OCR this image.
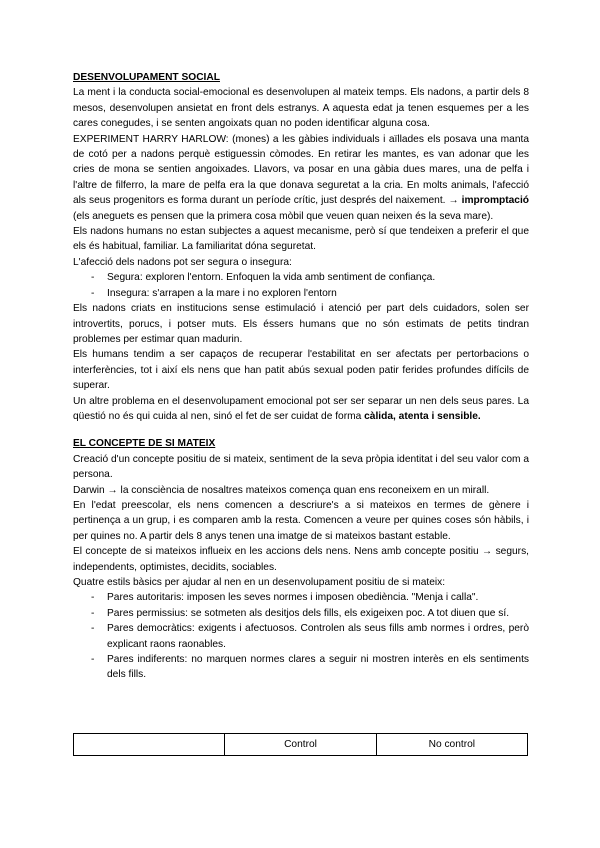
DESENVOLUPAMENT SOCIAL

La ment i la conducta social-emocional es desenvolupen al mateix temps. Els nadons, a partir dels 8 mesos, desenvolupen ansietat en front dels estranys. A aquesta edat ja tenen esquemes per a les cares conegudes, i se senten angoixats quan no poden identificar alguna cosa.

EXPERIMENT HARRY HARLOW: (mones) a les gàbies individuals i aïllades els posava una manta de cotó per a nadons perquè estiguessin còmodes. En retirar les mantes, es van adonar que les cries de mona se sentien angoixades. Llavors, va posar en una gàbia dues mares, una de pelfa i l'altre de filferro, la mare de pelfa era la que donava seguretat a la cria. En molts animals, l'afecció als seus progenitors es forma durant un període crític, just després del naixement. → impromptació (els aneguets es pensen que la primera cosa mòbil que veuen quan neixen és la seva mare).

Els nadons humans no estan subjectes a aquest mecanisme, però sí que tendeixen a preferir el que els és habitual, familiar. La familiaritat dóna seguretat.

L'afecció dels nadons pot ser segura o insegura:

- Segura: exploren l'entorn. Enfoquen la vida amb sentiment de confiança.
- Insegura: s'arrapen a la mare i no exploren l'entorn

Els nadons criats en institucions sense estimulació i atenció per part dels cuidadors, solen ser introvertits, porucs, i potser muts. Els éssers humans que no són estimats de petits tindran problemes per estimar quan madurin.

Els humans tendim a ser capaços de recuperar l'estabilitat en ser afectats per pertorbacions o interferències, tot i així els nens que han patit abús sexual poden patir ferides profundes difícils de superar.

Un altre problema en el desenvolupament emocional pot ser ser separar un nen dels seus pares. La qüestió no és qui cuida al nen, sinó el fet de ser cuidat de forma càlida, atenta i sensible.

EL CONCEPTE DE SI MATEIX

Creació d'un concepte positiu de si mateix, sentiment de la seva pròpia identitat i del seu valor com a persona.

Darwin → la consciència de nosaltres mateixos comença quan ens reconeixem en un mirall.

En l'edat preescolar, els nens comencen a descriure's a si mateixos en termes de gènere i pertinença a un grup, i es comparen amb la resta. Comencen a veure per quines coses són hàbils, i per quines no. A partir dels 8 anys tenen una imatge de si mateixos bastant estable.

El concepte de si mateixos influeix en les accions dels nens. Nens amb concepte positiu → segurs, independents, optimistes, decidits, sociables.

Quatre estils bàsics per ajudar al nen en un desenvolupament positiu de si mateix:

- Pares autoritaris: imposen les seves normes i imposen obediència. "Menja i calla".
- Pares permissius: se sotmeten als desitjos dels fills, els exigeixen poc. A tot diuen que sí.
- Pares democràtics: exigents i afectuosos. Controlen als seus fills amb normes i ordres, però explicant raons raonables.
- Pares indiferents: no marquen normes clares a seguir ni mostren interès en els sentiments dels fills.
	Control	No control
